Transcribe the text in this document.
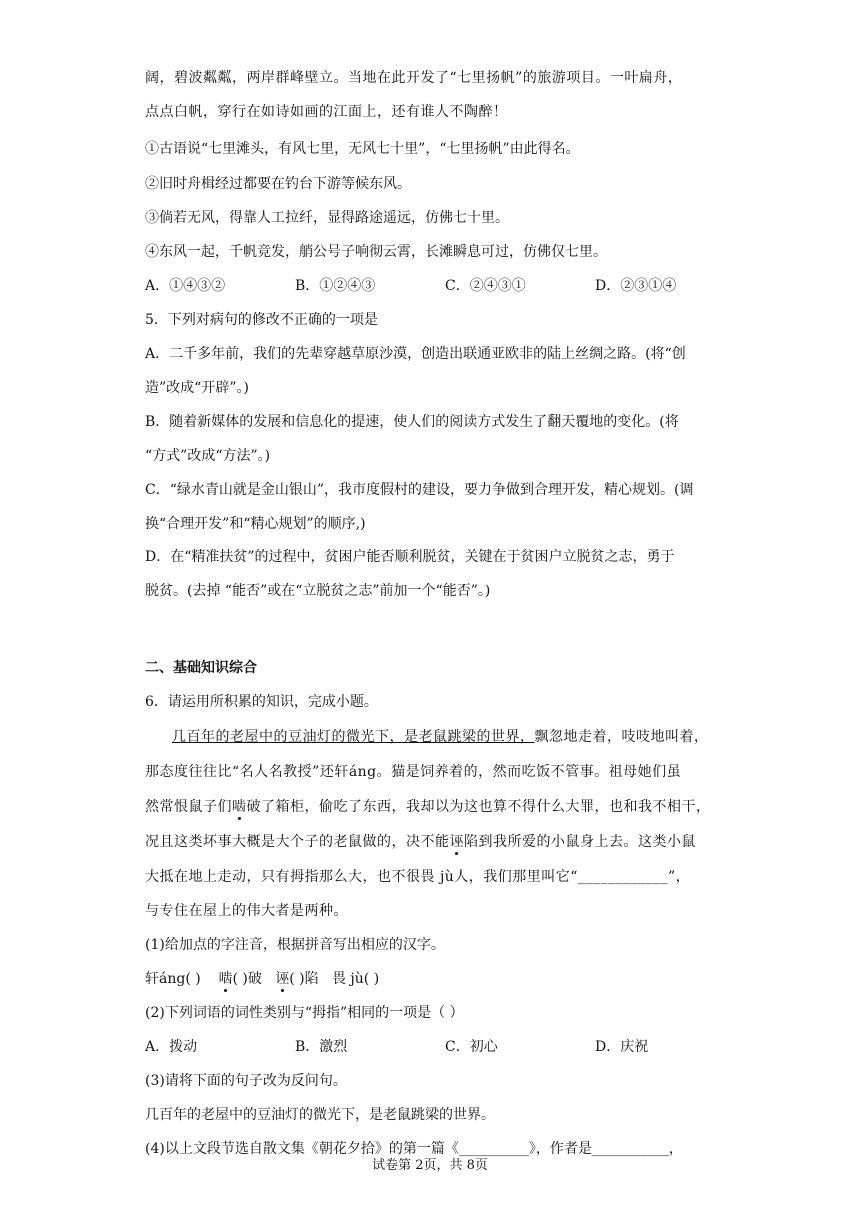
阔，碧波粼粼，两岸群峰壁立。当地在此开发了“七里扬帆”的旅游项目。一叶扁舟，
点点白帆，穿行在如诗如画的江面上，还有谁人不陶醉！
①古语说“七里滩头，有风七里，无风七十里”，“七里扬帆”由此得名。
②旧时舟楫经过都要在钓台下游等候东风。
③倘若无风，得靠人工拉纤，显得路途遥远，仿佛七十里。
④东风一起，千帆竞发，艄公号子响彻云霄，长滩瞬息可过，仿佛仅七里。
A．①④③②	B．①②④③	C．②④③①	D．②③①④
5．下列对病句的修改不正确的一项是
A．二千多年前，我们的先辈穿越草原沙漠，创造出联通亚欧非的陆上丝绸之路。(将“创
造”改成“开辟”。)
B．随着新媒体的发展和信息化的提速，使人们的阅读方式发生了翻天覆地的变化。(将
“方式”改成“方法”。)
C．“绿水青山就是金山银山”，我市度假村的建设，要力争做到合理开发，精心规划。(调
换“合理开发”和“精心规划”的顺序,)
D．在“精准扶贫”的过程中，贫困户能否顺利脱贫，关键在于贫困户立脱贫之志，勇于
脱贫。(去掉 “能否”或在“立脱贫之志”前加一个“能否”。)
二、基础知识综合
6．请运用所积累的知识，完成小题。
几百年的老屋中的豆油灯的微光下，是老鼠跳梁的世界，飘忽地走着，吱吱地叫着，
那态度往往比“名人名教授”还轩áng。猫是饲养着的，然而吃饭不管事。祖母她们虽
然常恨鼠子们啮破了箱柜，偷吃了东西，我却以为这也算不得什么大罪，也和我不相干，
况且这类坏事大概是大个子的老鼠做的，决不能诬陷到我所爱的小鼠身上去。这类小鼠
大抵在地上走动，只有拇指那么大，也不很畏 jù人，我们那里叫它“____________”，
与专住在屋上的伟大者是两种。
(1)给加点的字注音，根据拼音写出相应的汉字。
轩áng( ) 啮( )破 诬( )陷 畏 jù( )
(2)下列词语的词性类别与“拇指”相同的一项是（ ）
A．拨动	B．激烈	C．初心	D．庆祝
(3)请将下面的句子改为反问句。
几百年的老屋中的豆油灯的微光下，是老鼠跳梁的世界。
(4)以上文段节选自散文集《朝花夕拾》的第一篇《__________》，作者是___________，
试卷第 2页，共 8页
